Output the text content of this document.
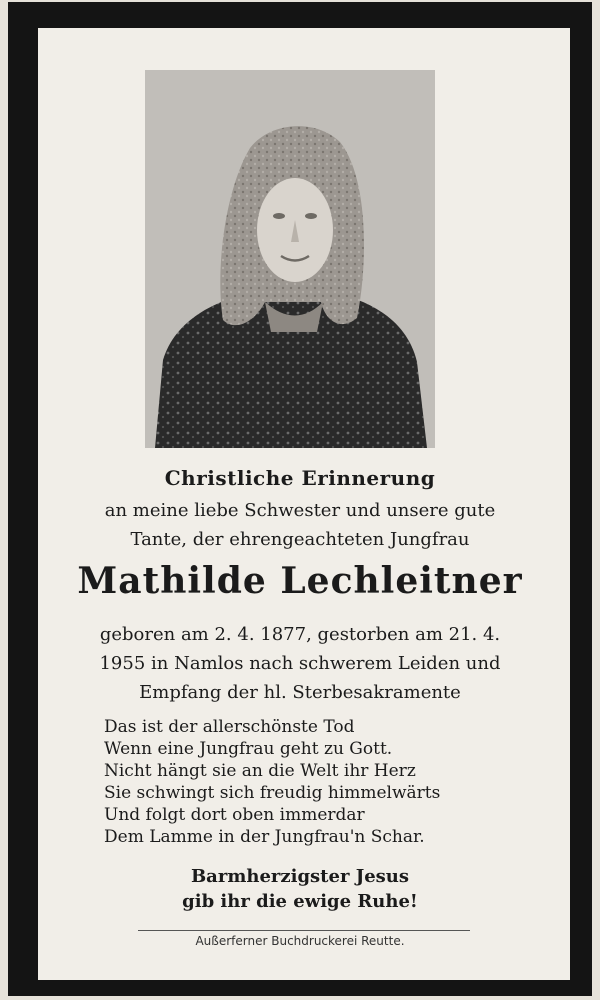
Christliche Erinnerung
an meine liebe Schwester und unsere gute
Tante, der ehrengeachteten Jungfrau
Mathilde Lechleitner
geboren am 2. 4. 1877, gestorben am 21. 4.
1955 in Namlos nach schwerem Leiden und
Empfang der hl. Sterbesakramente
Das ist der allerschönste Tod
Wenn eine Jungfrau geht zu Gott.
Nicht hängt sie an die Welt ihr Herz
Sie schwingt sich freudig himmelwärts
Und folgt dort oben immerdar
Dem Lamme in der Jungfrau'n Schar.
Barmherzigster Jesus
gib ihr die ewige Ruhe!
Außerferner Buchdruckerei Reutte.
